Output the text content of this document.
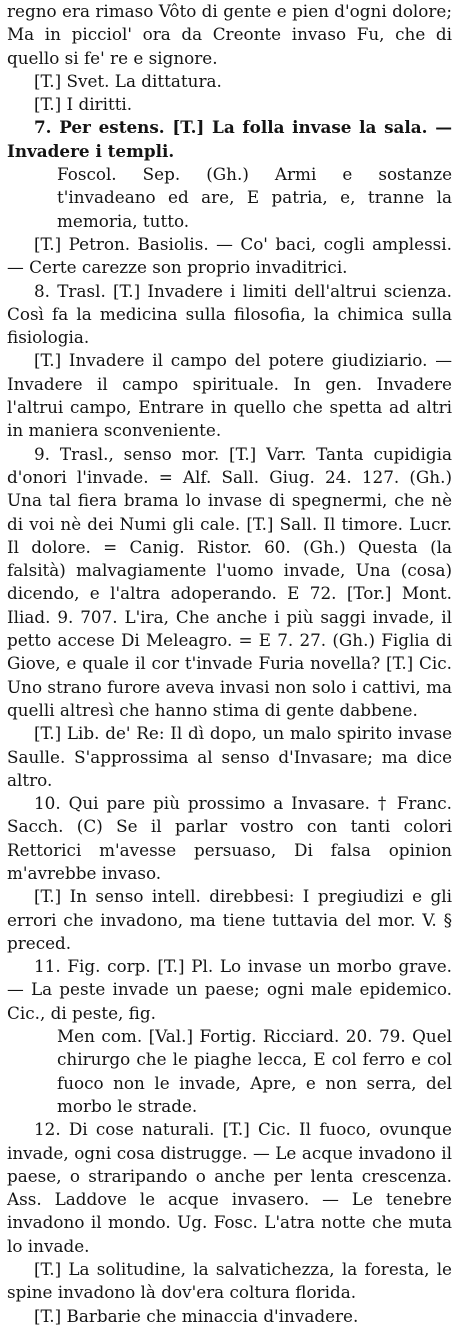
regno era rimaso Vôto di gente e pien d'ogni dolore; Ma in picciol' ora da Creonte invaso Fu, che di quello si fe' re e signore.
[T.] Svet. La dittatura.
[T.] I diritti.
7. Per estens. [T.] La folla invase la sala. — Invadere i templi.
Foscol. Sep. (Gh.) Armi e sostanze t'invadeano ed are, E patria, e, tranne la memoria, tutto.
[T.] Petron. Basiolis. — Co' baci, cogli amplessi. — Certe carezze son proprio invaditrici.
8. Trasl. [T.] Invadere i limiti dell'altrui scienza. Così fa la medicina sulla filosofia, la chimica sulla fisiologia.
[T.] Invadere il campo del potere giudiziario. — Invadere il campo spirituale. In gen. Invadere l'altrui campo, Entrare in quello che spetta ad altri in maniera sconveniente.
9. Trasl., senso mor. [T.] Varr. Tanta cupidigia d'onori l'invade. = Alf. Sall. Giug. 24. 127. (Gh.) Una tal fiera brama lo invase di spegnermi, che nè di voi nè dei Numi gli cale. [T.] Sall. Il timore. Lucr. Il dolore. = Canig. Ristor. 60. (Gh.) Questa (la falsità) malvagiamente l'uomo invade, Una (cosa) dicendo, e l'altra adoperando. E 72. [Tor.] Mont. Iliad. 9. 707. L'ira, Che anche i più saggi invade, il petto accese Di Meleagro. = E 7. 27. (Gh.) Figlia di Giove, e quale il cor t'invade Furia novella? [T.] Cic. Uno strano furore aveva invasi non solo i cattivi, ma quelli altresì che hanno stima di gente dabbene.
[T.] Lib. de' Re: Il dì dopo, un malo spirito invase Saulle. S'approssima al senso d'Invasare; ma dice altro.
10. Qui pare più prossimo a Invasare. † Franc. Sacch. (C) Se il parlar vostro con tanti colori Rettorici m'avesse persuaso, Di falsa opinion m'avrebbe invaso.
[T.] In senso intell. direbbesi: I pregiudizi e gli errori che invadono, ma tiene tuttavia del mor. V. § preced.
11. Fig. corp. [T.] Pl. Lo invase un morbo grave. — La peste invade un paese; ogni male epidemico. Cic., di peste, fig.
Men com. [Val.] Fortig. Ricciard. 20. 79. Quel chirurgo che le piaghe lecca, E col ferro e col fuoco non le invade, Apre, e non serra, del morbo le strade.
12. Di cose naturali. [T.] Cic. Il fuoco, ovunque invade, ogni cosa distrugge. — Le acque invadono il paese, o straripando o anche per lenta crescenza. Ass. Laddove le acque invasero. — Le tenebre invadono il mondo. Ug. Fosc. L'atra notte che muta lo invade.
[T.] La solitudine, la salvatichezza, la foresta, le spine invadono là dov'era coltura florida.
[T.] Barbarie che minaccia d'invadere.
